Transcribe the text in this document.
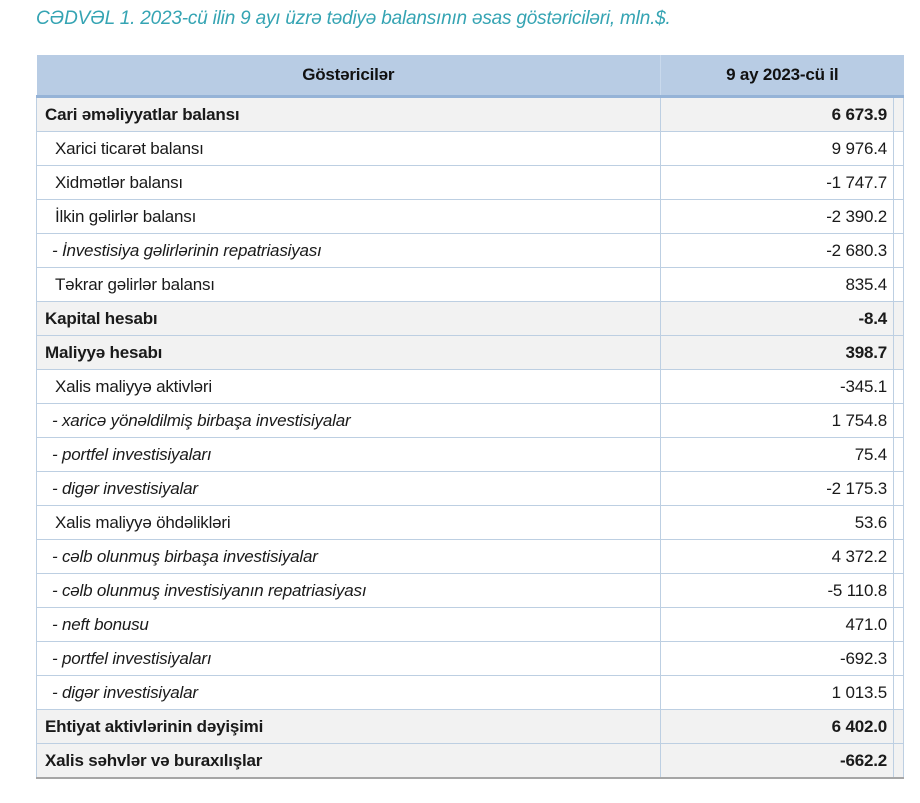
CƏDVƏL 1. 2023-cü ilin 9 ayı üzrə tədiyə balansının əsas göstəriciləri, mln.$.
Göstəricilər	9 ay 2023-cü il	
Cari əməliyyatlar balansı	6 673.9	
Xarici ticarət balansı	9 976.4	
Xidmətlər balansı	-1 747.7	
İlkin gəlirlər balansı	-2 390.2	
- İnvestisiya gəlirlərinin repatriasiyası	-2 680.3	
Təkrar gəlirlər balansı	835.4	
Kapital hesabı	-8.4	
Maliyyə hesabı	398.7	
Xalis maliyyə aktivləri	-345.1	
- xaricə yönəldilmiş birbaşa investisiyalar	1 754.8	
- portfel investisiyaları	75.4	
- digər investisiyalar	-2 175.3	
Xalis maliyyə öhdəlikləri	53.6	
- cəlb olunmuş birbaşa investisiyalar	4 372.2	
- cəlb olunmuş investisiyanın repatriasiyası	-5 110.8	
- neft bonusu	471.0	
- portfel investisiyaları	-692.3	
- digər investisiyalar	1 013.5	
Ehtiyat aktivlərinin dəyişimi	6 402.0	
Xalis səhvlər və buraxılışlar	-662.2	
